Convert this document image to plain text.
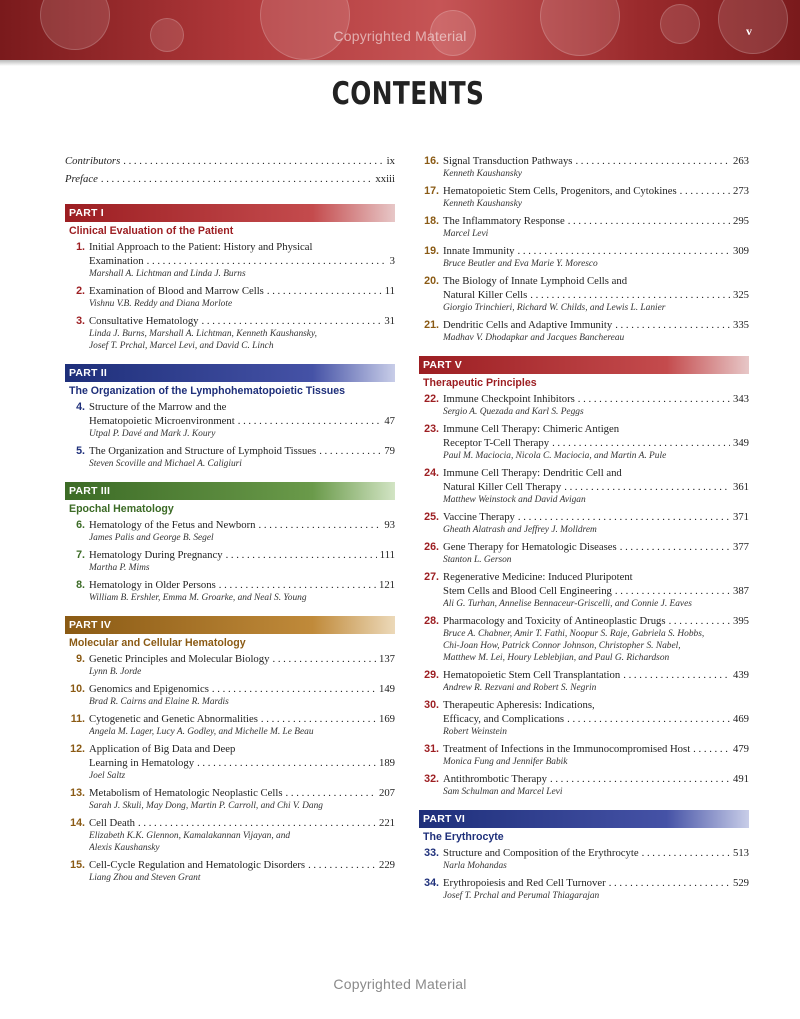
Copyrighted Material	v
CONTENTS
Contributors . . .	ix
Preface . . .	xxiii
PART I
Clinical Evaluation of the Patient
1. Initial Approach to the Patient: History and Physical
Examination . . .	3
Marshall A. Lichtman and Linda J. Burns
2. Examination of Blood and Marrow Cells . . .	11
Vishnu V.B. Reddy and Diana Morlote
3. Consultative Hematology . . .	31
Linda J. Burns, Marshall A. Lichtman, Kenneth Kaushansky,
Josef T. Prchal, Marcel Levi, and David C. Linch
PART II
The Organization of the Lymphohematopoietic Tissues
4. Structure of the Marrow and the
Hematopoietic Microenvironment . . .	47
Utpal P. Davé and Mark J. Koury
5. The Organization and Structure of Lymphoid Tissues . . .	79
Steven Scoville and Michael A. Caligiuri
PART III
Epochal Hematology
6. Hematology of the Fetus and Newborn . . .	93
James Palis and George B. Segel
7. Hematology During Pregnancy . . .	111
Martha P. Mims
8. Hematology in Older Persons . . .	121
William B. Ershler, Emma M. Groarke, and Neal S. Young
PART IV
Molecular and Cellular Hematology
9. Genetic Principles and Molecular Biology . . .	137
Lynn B. Jorde
10. Genomics and Epigenomics . . .	149
Brad R. Cairns and Elaine R. Mardis
11. Cytogenetic and Genetic Abnormalities . . .	169
Angela M. Lager, Lucy A. Godley, and Michelle M. Le Beau
12. Application of Big Data and Deep
Learning in Hematology . . .	189
Joel Saltz
13. Metabolism of Hematologic Neoplastic Cells . . .	207
Sarah J. Skuli, May Dong, Martin P. Carroll, and Chi V. Dang
14. Cell Death . . .	221
Elizabeth K.K. Glennon, Kamalakannan Vijayan, and
Alexis Kaushansky
15. Cell-Cycle Regulation and Hematologic Disorders . . .	229
Liang Zhou and Steven Grant
16. Signal Transduction Pathways . . .	263
Kenneth Kaushansky
17. Hematopoietic Stem Cells, Progenitors, and Cytokines . . .	273
Kenneth Kaushansky
18. The Inflammatory Response . . .	295
Marcel Levi
19. Innate Immunity . . .	309
Bruce Beutler and Eva Marie Y. Moresco
20. The Biology of Innate Lymphoid Cells and
Natural Killer Cells . . .	325
Giorgio Trinchieri, Richard W. Childs, and Lewis L. Lanier
21. Dendritic Cells and Adaptive Immunity . . .	335
Madhav V. Dhodapkar and Jacques Banchereau
PART V
Therapeutic Principles
22. Immune Checkpoint Inhibitors . . .	343
Sergio A. Quezada and Karl S. Peggs
23. Immune Cell Therapy: Chimeric Antigen
Receptor T-Cell Therapy . . .	349
Paul M. Maciocia, Nicola C. Maciocia, and Martin A. Pule
24. Immune Cell Therapy: Dendritic Cell and
Natural Killer Cell Therapy . . .	361
Matthew Weinstock and David Avigan
25. Vaccine Therapy . . .	371
Gheath Alatrash and Jeffrey J. Molldrem
26. Gene Therapy for Hematologic Diseases . . .	377
Stanton L. Gerson
27. Regenerative Medicine: Induced Pluripotent
Stem Cells and Blood Cell Engineering . . .	387
Ali G. Turhan, Annelise Bennaceur-Griscelli, and Connie J. Eaves
28. Pharmacology and Toxicity of Antineoplastic Drugs . . .	395
Bruce A. Chabner, Amir T. Fathi, Noopur S. Raje, Gabriela S. Hobbs,
Chi-Joan How, Patrick Connor Johnson, Christopher S. Nabel,
Matthew M. Lei, Houry Leblebjian, and Paul G. Richardson
29. Hematopoietic Stem Cell Transplantation . . .	439
Andrew R. Rezvani and Robert S. Negrin
30. Therapeutic Apheresis: Indications,
Efficacy, and Complications . . .	469
Robert Weinstein
31. Treatment of Infections in the Immunocompromised Host . . .	479
Monica Fung and Jennifer Babik
32. Antithrombotic Therapy . . .	491
Sam Schulman and Marcel Levi
PART VI
The Erythrocyte
33. Structure and Composition of the Erythrocyte . . .	513
Narla Mohandas
34. Erythropoiesis and Red Cell Turnover . . .	529
Josef T. Prchal and Perumal Thiagarajan
Copyrighted Material
